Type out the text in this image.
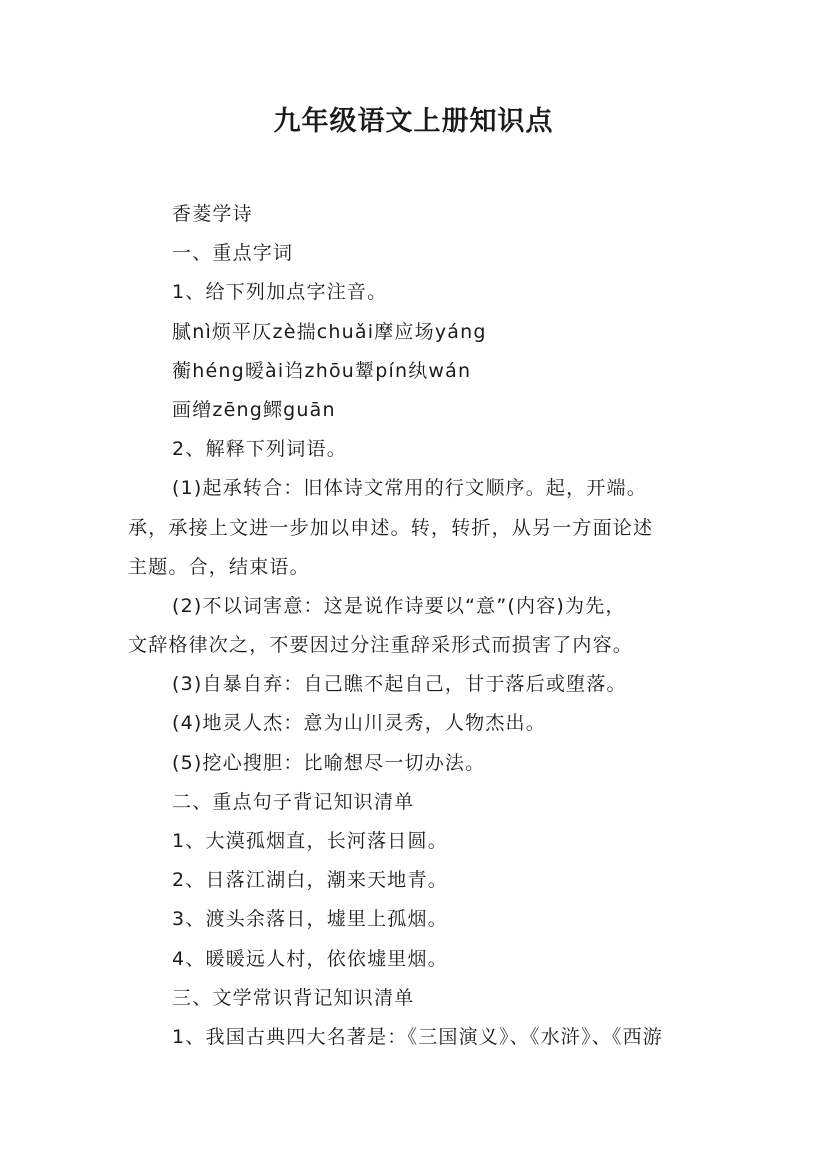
九年级语文上册知识点
香菱学诗
一、重点字词
1、给下列加点字注音。
腻nì烦平仄zè揣chuǎi摩应场yáng
蘅héng暧ài诌zhōu颦pín纨wán
画缯zēng鳏guān
2、解释下列词语。
(1)起承转合：旧体诗文常用的行文顺序。起，开端。
承，承接上文进一步加以申述。转，转折，从另一方面论述
主题。合，结束语。
(2)不以词害意：这是说作诗要以“意”(内容)为先，
文辞格律次之，不要因过分注重辞采形式而损害了内容。
(3)自暴自弃：自己瞧不起自己，甘于落后或堕落。
(4)地灵人杰：意为山川灵秀，人物杰出。
(5)挖心搜胆：比喻想尽一切办法。
二、重点句子背记知识清单
1、大漠孤烟直，长河落日圆。
2、日落江湖白，潮来天地青。
3、渡头余落日，墟里上孤烟。
4、暖暖远人村，依依墟里烟。
三、文学常识背记知识清单
1、我国古典四大名著是：《三国演义》、《水浒》、《西游
